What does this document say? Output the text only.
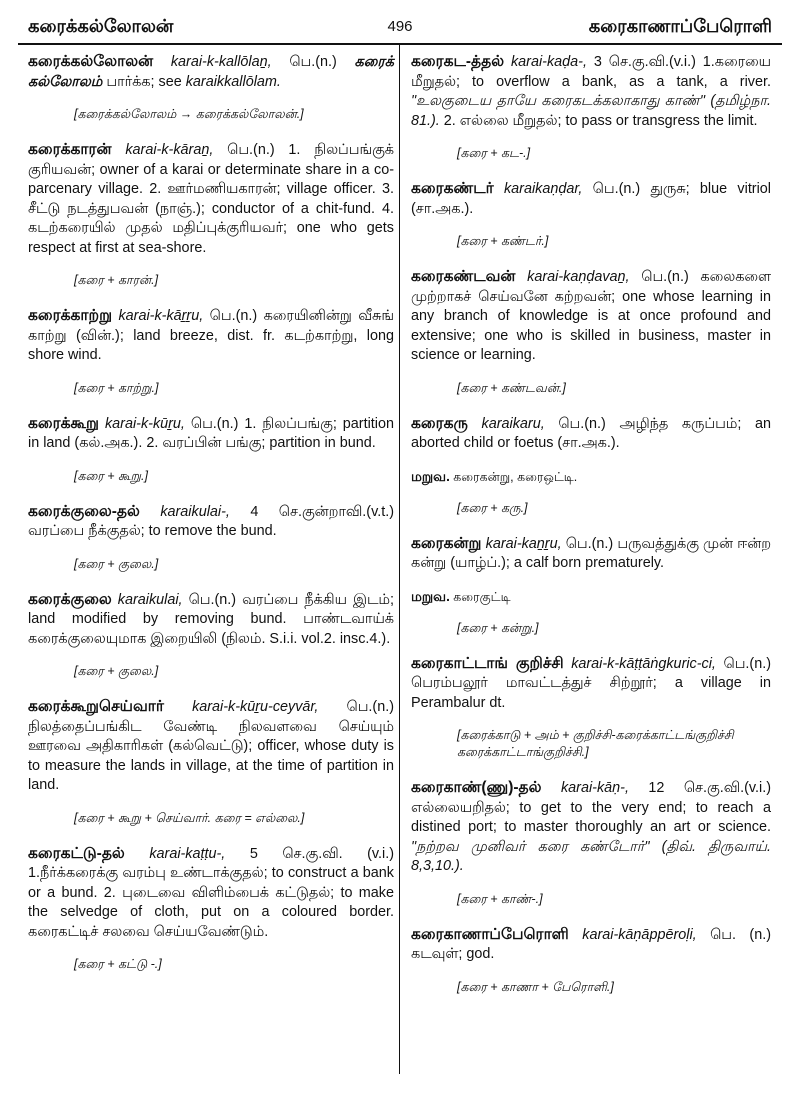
கரைக்கல்லோலன்	496	கரைகாணாப்பேரொளி

கரைக்கல்லோலன் karai-k-kallōlaṉ, பெ.(n.) கரைக் கல்லோலம் பார்க்க; see karaikkallōlam.

[கரைக்கல்லோலம் → கரைக்கல்லோலன்.]

கரைக்காரன் karai-k-kāraṉ, பெ.(n.) 1. நிலப்பங்குக் குரியவன்; owner of a karai or determinate share in a co-parcenary village. 2. ஊர்மணியகாரன்; village officer. 3. சீட்டு நடத்துபவன் (நாஞ்.); conductor of a chit-fund. 4. கடற்கரையில் முதல் மதிப்புக்குரியவர்; one who gets respect at first at sea-shore.

[கரை + காரன்.]

கரைக்காற்று karai-k-kāṟṟu, பெ.(n.) கரையினின்று வீசுங் காற்று (வின்.); land breeze, dist. fr. கடற்காற்று, long shore wind.

[கரை + காற்று.]

கரைக்கூறு karai-k-kūṟu, பெ.(n.) 1. நிலப்பங்கு; partition in land (கல்.அக.). 2. வரப்பின் பங்கு; partition in bund.

[கரை + கூறு.]

கரைக்குலை-தல் karaikulai-, 4 செ.குன்றாவி.(v.t.) வரப்பை நீக்குதல்; to remove the bund.

[கரை + குலை.]

கரைக்குலை karaikulai, பெ.(n.) வரப்பை நீக்கிய இடம்; land modified by removing bund. பாண்டவாய்க் கரைக்குலையுமாக இறையிலி (நிலம். S.i.i. vol.2. insc.4.).

[கரை + குலை.]

கரைக்கூறுசெய்வார் karai-k-kūṟu-ceyvār, பெ.(n.) நிலத்தைப்பங்கிட வேண்டி நிலவளவை செய்யும் ஊரவை அதிகாரிகள் (கல்வெட்டு); officer, whose duty is to measure the lands in village, at the time of partition in land.

[கரை + கூறு + செய்வார். கரை = எல்லை.]

கரைகட்டு-தல் karai-kaṭṭu-, 5 செ.கு.வி. (v.i.) 1.நீர்க்கரைக்கு வரம்பு உண்டாக்குதல்; to construct a bank or a bund. 2. புடைவை விளிம்பைக் கட்டுதல்; to make the selvedge of cloth, put on a coloured border. கரைகட்டிச் சலவை செய்யவேண்டும்.

[கரை + கட்டு -.]

கரைகட-த்தல் karai-kaḍa-, 3 செ.கு.வி.(v.i.) 1.கரையை மீறுதல்; to overflow a bank, as a tank, a river. "உலகுடைய தாயே கரைகடக்கலாகாது காண்" (தமிழ்நா. 81.). 2. எல்லை மீறுதல்; to pass or transgress the limit.

[கரை + கட-.]

கரைகண்டர் karaikaṇḍar, பெ.(n.) துருசு; blue vitriol (சா.அக.).

[கரை + கண்டர்.]

கரைகண்டவன் karai-kaṇḍavaṉ, பெ.(n.) கலைகளை முற்றாகச் செய்வனே கற்றவன்; one whose learning in any branch of knowledge is at once profound and extensive; one who is skilled in business, master in science or learning.

[கரை + கண்டவன்.]

கரைகரு karaikaru, பெ.(n.) அழிந்த கருப்பம்; an aborted child or foetus (சா.அக.).

மறுவ. கரைகன்று, கரைஒட்டி.
[கரை + கரு.]

கரைகன்று karai-kaṉṟu, பெ.(n.) பருவத்துக்கு முன் ஈன்ற கன்று (யாழ்ப்.); a calf born prematurely.

மறுவ. கரைகுட்டி
[கரை + கன்று.]

கரைகாட்டாங் குறிச்சி karai-k-kāṭṭāṅgkuric-ci, பெ.(n.) பெரம்பலூர் மாவட்டத்துச் சிற்றூர்; a village in Perambalur dt.

[கரைக்காடு + அம் + குறிச்சி-கரைக்காட்டங்குறிச்சி கரைக்காட்டாங்குறிச்சி.]

கரைகாண்(ணு)-தல் karai-kāṇ-, 12 செ.கு.வி.(v.i.) எல்லையறிதல்; to get to the very end; to reach a distined port; to master thoroughly an art or science. "நற்றவ முனிவர் கரை கண்டோர்" (திவ். திருவாய். 8,3,10.).

[கரை + காண்-.]

கரைகாணாப்பேரொளி karai-kāṇāppēroḷi, பெ. (n.) கடவுள்; god.

[கரை + காணா + பேரொளி.]
